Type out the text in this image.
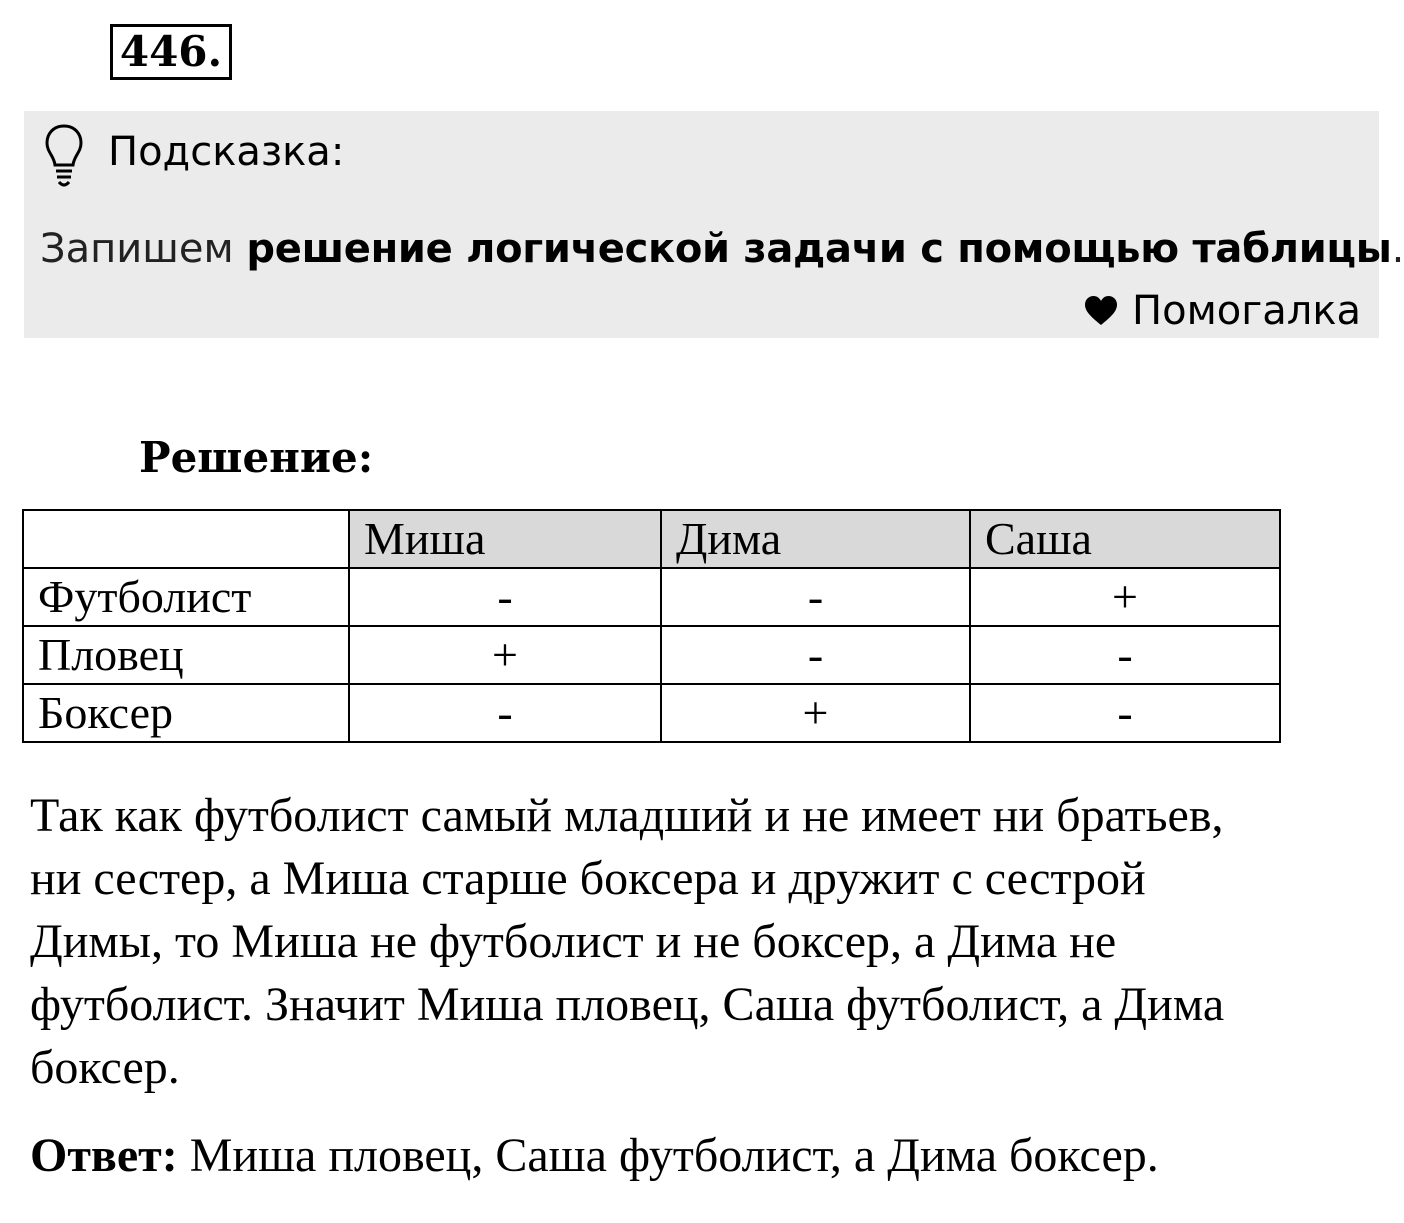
446.
Подсказка:
Запишем решение логической задачи с помощью таблицы.
Помогалка
Решение:
	Миша	Дима	Саша
Футболист	-	-	+
Пловец	+	-	-
Боксер	-	+	-
Так как футболист самый младший и не имеет ни братьев,
ни сестер, а Миша старше боксера и дружит с сестрой
Димы, то Миша не футболист и не боксер, а Дима не
футболист. Значит Миша пловец, Саша футболист, а Дима
боксер.
Ответ: Миша пловец, Саша футболист, а Дима боксер.
